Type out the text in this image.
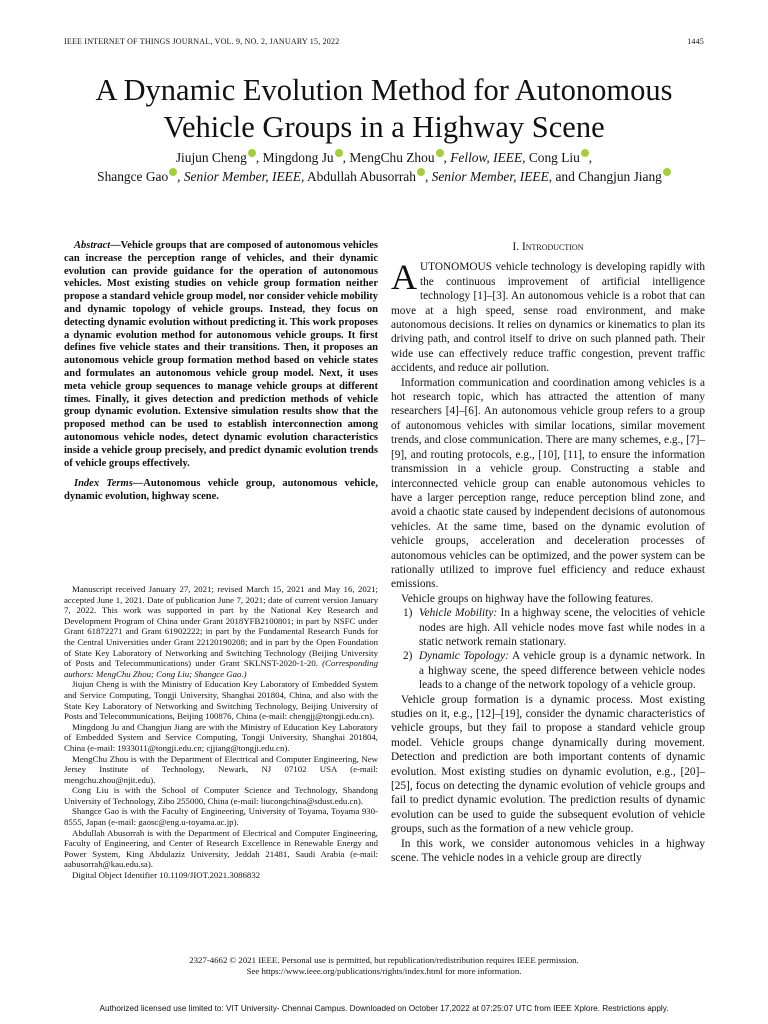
IEEE INTERNET OF THINGS JOURNAL, VOL. 9, NO. 2, JANUARY 15, 2022	1445
A Dynamic Evolution Method for Autonomous
Vehicle Groups in a Highway Scene
Jiujun Cheng , Mingdong Ju , MengChu Zhou , Fellow, IEEE, Cong Liu ,
Shangce Gao , Senior Member, IEEE, Abdullah Abusorrah , Senior Member, IEEE, and Changjun Jiang

Abstract—Vehicle groups that are composed of autonomous vehicles can increase the perception range of vehicles, and their dynamic evolution can provide guidance for the operation of autonomous vehicles. Most existing studies on vehicle group formation neither propose a standard vehicle group model, nor consider vehicle mobility and dynamic topology of vehicle groups. Instead, they focus on detecting dynamic evolution without predicting it. This work proposes a dynamic evolution method for autonomous vehicle groups. It first defines five vehicle states and their transitions. Then, it proposes an autonomous vehicle group formation method based on vehicle states and formulates an autonomous vehicle group model. Next, it uses meta vehicle group sequences to manage vehicle groups at different times. Finally, it gives detection and prediction methods of vehicle group dynamic evolution. Extensive simulation results show that the proposed method can be used to establish interconnection among autonomous vehicle nodes, detect dynamic evolution characteristics inside a vehicle group precisely, and predict dynamic evolution trends of vehicle groups effectively.

Index Terms—Autonomous vehicle group, autonomous vehicle, dynamic evolution, highway scene.

Manuscript received January 27, 2021; revised March 15, 2021 and May 16, 2021; accepted June 1, 2021. Date of publication June 7, 2021; date of current version January 7, 2022. This work was supported in part by the National Key Research and Development Program of China under Grant 2018YFB2100801; in part by NSFC under Grant 61872271 and Grant 61902222; in part by the Fundamental Research Funds for the Central Universities under Grant 22120190208; and in part by the Open Foundation of State Key Laboratory of Networking and Switching Technology (Beijing University of Posts and Telecommunications) under Grant SKLNST-2020-1-20. (Corresponding authors: MengChu Zhou; Cong Liu; Shangce Gao.)

Jiujun Cheng is with the Ministry of Education Key Laboratory of Embedded System and Service Computing, Tongji University, Shanghai 201804, China, and also with the State Key Laboratory of Networking and Switching Technology, Beijing University of Posts and Telecommunications, Beijing 100876, China (e-mail: chengjj@tongji.edu.cn).

Mingdong Ju and Changjun Jiang are with the Ministry of Education Key Laboratory of Embedded System and Service Computing, Tongji University, Shanghai 201804, China (e-mail: 1933011@tongji.edu.cn; cjjiang@tongji.edu.cn).

MengChu Zhou is with the Department of Electrical and Computer Engineering, New Jersey Institute of Technology, Newark, NJ 07102 USA (e-mail: mengchu.zhou@njit.edu).

Cong Liu is with the School of Computer Science and Technology, Shandong University of Technology, Zibo 255000, China (e-mail: liucongchina@sdust.edu.cn).

Shangce Gao is with the Faculty of Engineering, University of Toyama, Toyama 930-8555, Japan (e-mail: gaosc@eng.u-toyama.ac.jp).

Abdullah Abusorrah is with the Department of Electrical and Computer Engineering, Faculty of Engineering, and Center of Research Excellence in Renewable Energy and Power System, King Abdulaziz University, Jeddah 21481, Saudi Arabia (e-mail: aabusorrah@kau.edu.sa).

Digital Object Identifier 10.1109/JIOT.2021.3086832

I. Introduction

AUTONOMOUS vehicle technology is developing rapidly with the continuous improvement of artificial intelligence technology [1]–[3]. An autonomous vehicle is a robot that can move at a high speed, sense road environment, and make autonomous decisions. It relies on dynamics or kinematics to plan its driving path, and control itself to drive on such planned path. Their wide use can effectively reduce traffic congestion, prevent traffic accidents, and reduce air pollution.

Information communication and coordination among vehicles is a hot research topic, which has attracted the attention of many researchers [4]–[6]. An autonomous vehicle group refers to a group of autonomous vehicles with similar locations, similar movement trends, and close communication. There are many schemes, e.g., [7]–[9], and routing protocols, e.g., [10], [11], to ensure the information transmission in a vehicle group. Constructing a stable and interconnected vehicle group can enable autonomous vehicles to have a larger perception range, reduce perception blind zone, and avoid a chaotic state caused by independent decisions of autonomous vehicles. At the same time, based on the dynamic evolution of vehicle groups, acceleration and deceleration processes of autonomous vehicles can be optimized, and the power system can be rationally utilized to improve fuel efficiency and reduce exhaust emissions.

Vehicle groups on highway have the following features.

1) Vehicle Mobility: In a highway scene, the velocities of vehicle nodes are high. All vehicle nodes move fast while nodes in a static network remain stationary.
2) Dynamic Topology: A vehicle group is a dynamic network. In a highway scene, the speed difference between vehicle nodes leads to a change of the network topology of a vehicle group.

Vehicle group formation is a dynamic process. Most existing studies on it, e.g., [12]–[19], consider the dynamic characteristics of vehicle groups, but they fail to propose a standard vehicle group model. Vehicle groups change dynamically during movement. Detection and prediction are both important contents of dynamic evolution. Most existing studies on dynamic evolution, e.g., [20]–[25], focus on detecting the dynamic evolution of vehicle groups and fail to predict dynamic evolution. The prediction results of dynamic evolution can be used to guide the subsequent evolution of vehicle groups, such as the formation of a new vehicle group.

In this work, we consider autonomous vehicles in a highway scene. The vehicle nodes in a vehicle group are directly

2327-4662 © 2021 IEEE. Personal use is permitted, but republication/redistribution requires IEEE permission.
See https://www.ieee.org/publications/rights/index.html for more information.
Authorized licensed use limited to: VIT University- Chennai Campus. Downloaded on October 17,2022 at 07:25:07 UTC from IEEE Xplore. Restrictions apply.
